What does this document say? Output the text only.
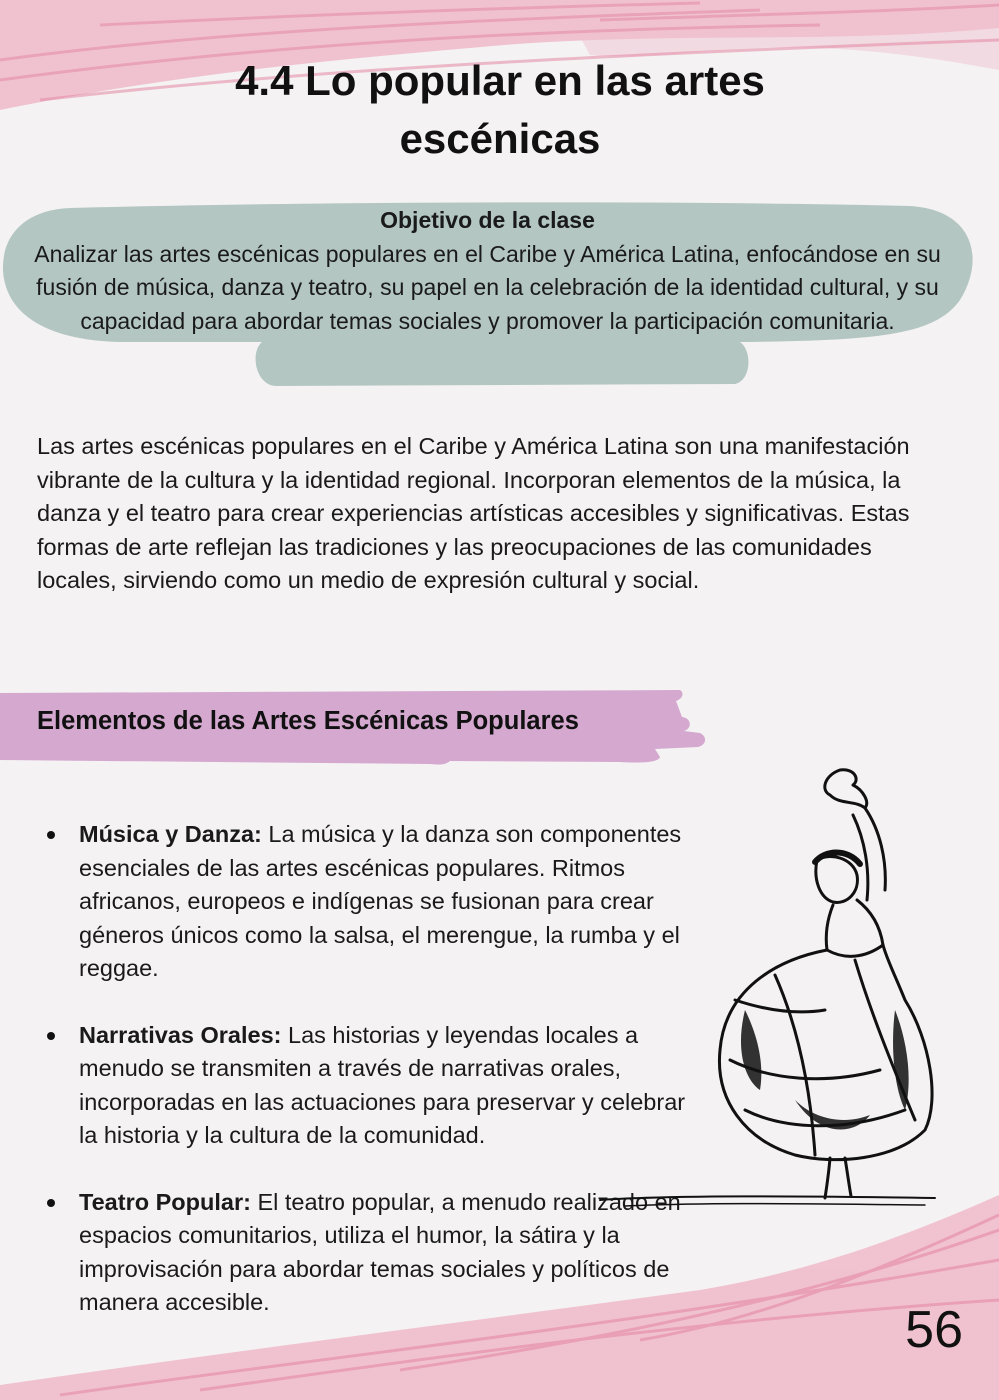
4.4 Lo popular en las artes escénicas
Objetivo de la clase
Analizar las artes escénicas populares en el Caribe y América Latina, enfocándose en su fusión de música, danza y teatro, su papel en la celebración de la identidad cultural, y su capacidad para abordar temas sociales y promover la participación comunitaria.

Las artes escénicas populares en el Caribe y América Latina son una manifestación vibrante de la cultura y la identidad regional. Incorporan elementos de la música, la danza y el teatro para crear experiencias artísticas accesibles y significativas. Estas formas de arte reflejan las tradiciones y las preocupaciones de las comunidades locales, sirviendo como un medio de expresión cultural y social.

Elementos de las Artes Escénicas Populares
Música y Danza: La música y la danza son componentes esenciales de las artes escénicas populares. Ritmos africanos, europeos e indígenas se fusionan para crear géneros únicos como la salsa, el merengue, la rumba y el reggae.
Narrativas Orales: Las historias y leyendas locales a menudo se transmiten a través de narrativas orales, incorporadas en las actuaciones para preservar y celebrar la historia y la cultura de la comunidad.
Teatro Popular: El teatro popular, a menudo realizado en espacios comunitarios, utiliza el humor, la sátira y la improvisación para abordar temas sociales y políticos de manera accesible.	56
